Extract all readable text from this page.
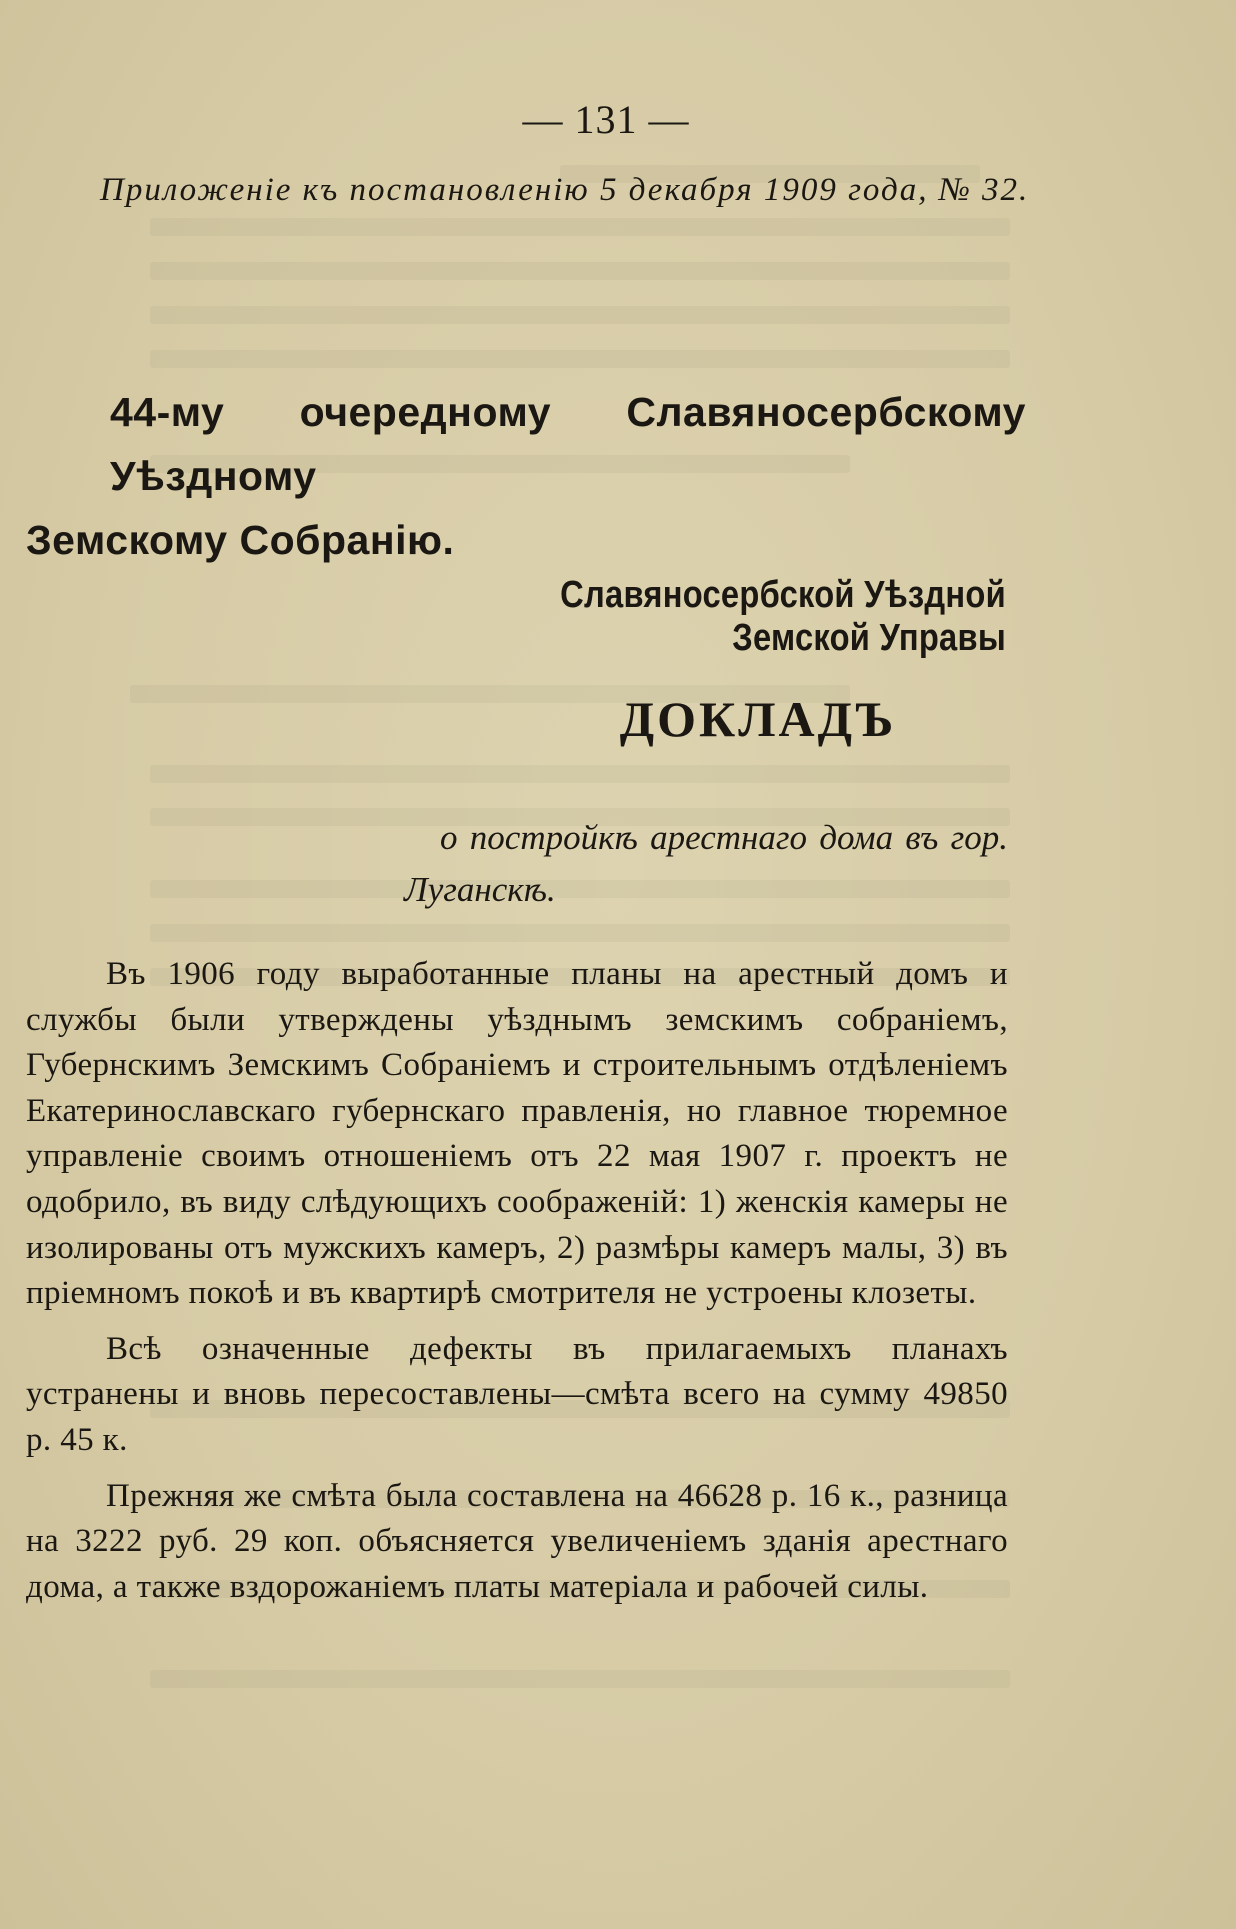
— 131 —
Приложеніе къ постановленію 5 декабря 1909 года, № 32.
44-му очередному Славяносербскому Уѣздному
Земскому Собранію.
Славяносербской Уѣздной Земской Управы
ДОКЛАДЪ
о постройкѣ арестнаго дома въ гор.
Луганскѣ.

Въ 1906 году выработанные планы на арестный домъ и службы были утверждены уѣзднымъ земскимъ собраніемъ, Губернскимъ Земскимъ Собраніемъ и строительнымъ отдѣленіемъ Екатеринославскаго губернскаго правленія, но главное тюремное управленіе своимъ отношеніемъ отъ 22 мая 1907 г. проектъ не одобрило, въ виду слѣдующихъ соображеній: 1) женскія камеры не изолированы отъ мужскихъ камеръ, 2) размѣры камеръ малы, 3) въ пріемномъ покоѣ и въ квартирѣ смотрителя не устроены клозеты.

Всѣ означенные дефекты въ прилагаемыхъ планахъ устранены и вновь пересоставлены—смѣта всего на сумму 49850 р. 45 к.

Прежняя же смѣта была составлена на 46628 р. 16 к., разница на 3222 руб. 29 коп. объясняется увеличеніемъ зданія арестнаго дома, а также вздорожаніемъ платы матеріала и рабочей силы.
